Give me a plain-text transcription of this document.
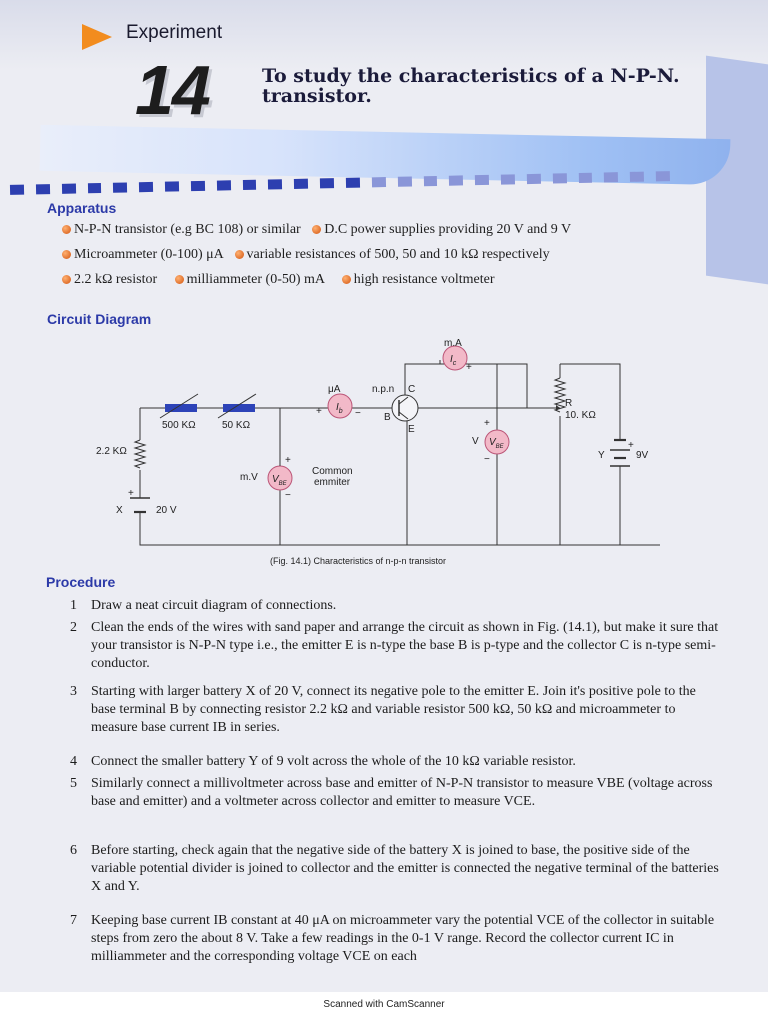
Experiment
14	To study the characteristics of a N-P-N. transistor.
Apparatus
N-P-N transistor (e.g BC 108) or similar D.C power supplies providing 20 V and 9 V
Microammeter (0-100) μA variable resistances of 500, 50 and 10 kΩ respectively
2.2 kΩ resistor milliammeter (0-50) mA high resistance voltmeter
Circuit Diagram
m.A
$I_c$ +
μA
$I_b$
+	−
n.p.n C
B
E
R
10. KΩ
500 KΩ	50 KΩ
2.2 KΩ
m.V $V_{BE}$
+
−
V $V_{BE}$
+
−
Common
emmiter
X	20 V
+
Y	9V
+
(Fig. 14.1) Characteristics of n-p-n transistor
Procedure
1	Draw a neat circuit diagram of connections.
2	Clean the ends of the wires with sand paper and arrange the circuit as shown in Fig. (14.1), but make it sure that your transistor is N-P-N type i.e., the emitter E is n-type the base B is p-type and the collector C is n-type semi-conductor.
3	Starting with larger battery X of 20 V, connect its negative pole to the emitter E. Join it's positive pole to the base terminal B by connecting resistor 2.2 kΩ and variable resistor 500 kΩ, 50 kΩ and microammeter to measure base current IB in series.
4	Connect the smaller battery Y of 9 volt across the whole of the 10 kΩ variable resistor.
5	Similarly connect a millivoltmeter across base and emitter of N-P-N transistor to measure VBE (voltage across base and emitter) and a voltmeter across collector and emitter to measure VCE.
6	Before starting, check again that the negative side of the battery X is joined to base, the positive side of the variable potential divider is joined to collector and the emitter is connected the negative terminal of the batteries X and Y.
7	Keeping base current IB constant at 40 μA on microammeter vary the potential VCE of the collector in suitable steps from zero the about 8 V. Take a few readings in the 0-1 V range. Record the collector current IC in milliammeter and the corresponding voltage VCE on each
Scanned with CamScanner
